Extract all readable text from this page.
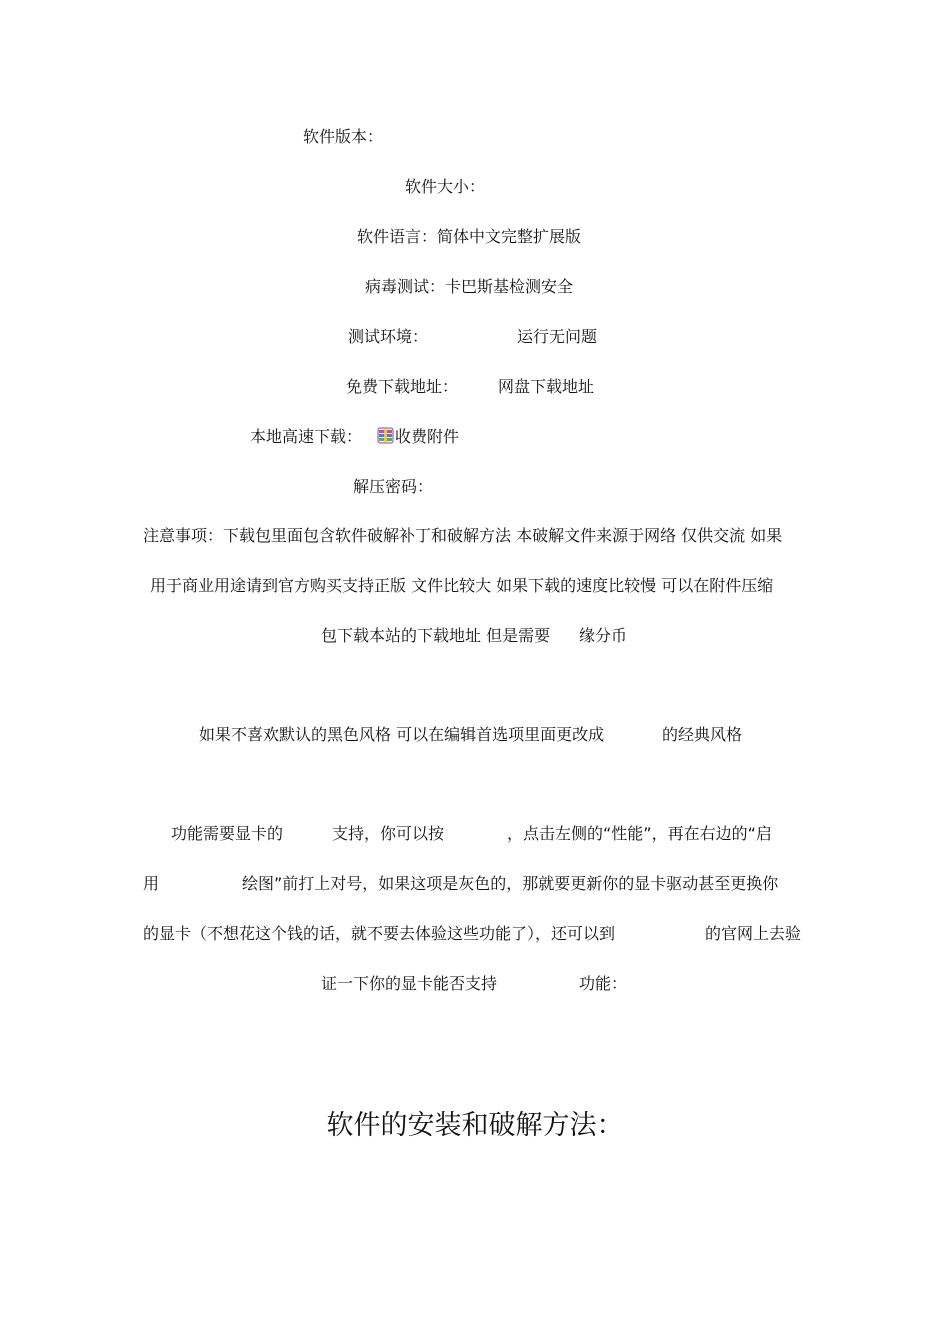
软件版本：
软件大小：
软件语言：简体中文完整扩展版
病毒测试：卡巴斯基检测安全
测试环境：	运行无问题
免费下载地址： 网盘下载地址
本地高速下载：	收费附件
解压密码：
注意事项：下载包里面包含软件破解补丁和破解方法 本破解文件来源于网络 仅供交流 如果
用于商业用途请到官方购买支持正版 文件比较大 如果下载的速度比较慢 可以在附件压缩
包下载本站的下载地址 但是需要 缘分币
如果不喜欢默认的黑色风格 可以在编辑首选项里面更改成	的经典风格
功能需要显卡的	支持，你可以按	，点击左侧的“性能”，再在右边的“启
用	绘图”前打上对号，如果这项是灰色的，那就要更新你的显卡驱动甚至更换你
的显卡（不想花这个钱的话，就不要去体验这些功能了），还可以到	的官网上去验
证一下你的显卡能否支持	功能：
软件的安装和破解方法：
